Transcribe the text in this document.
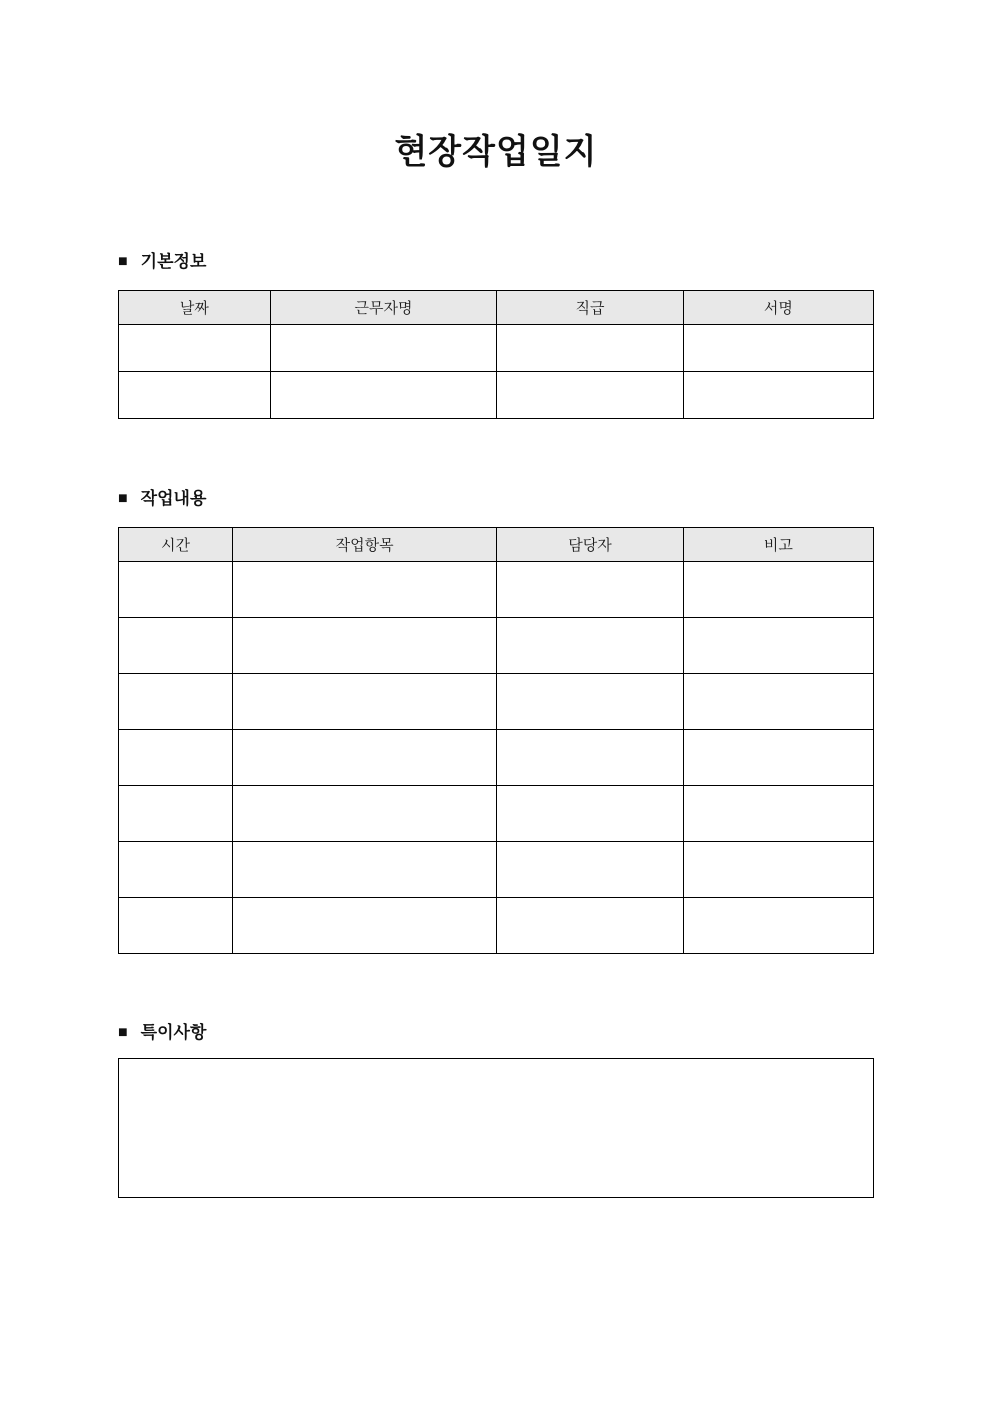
현장작업일지
■ 기본정보
날짜	근무자명	직급	서명

■ 작업내용
시간	작업항목	담당자	비고

■ 특이사항
